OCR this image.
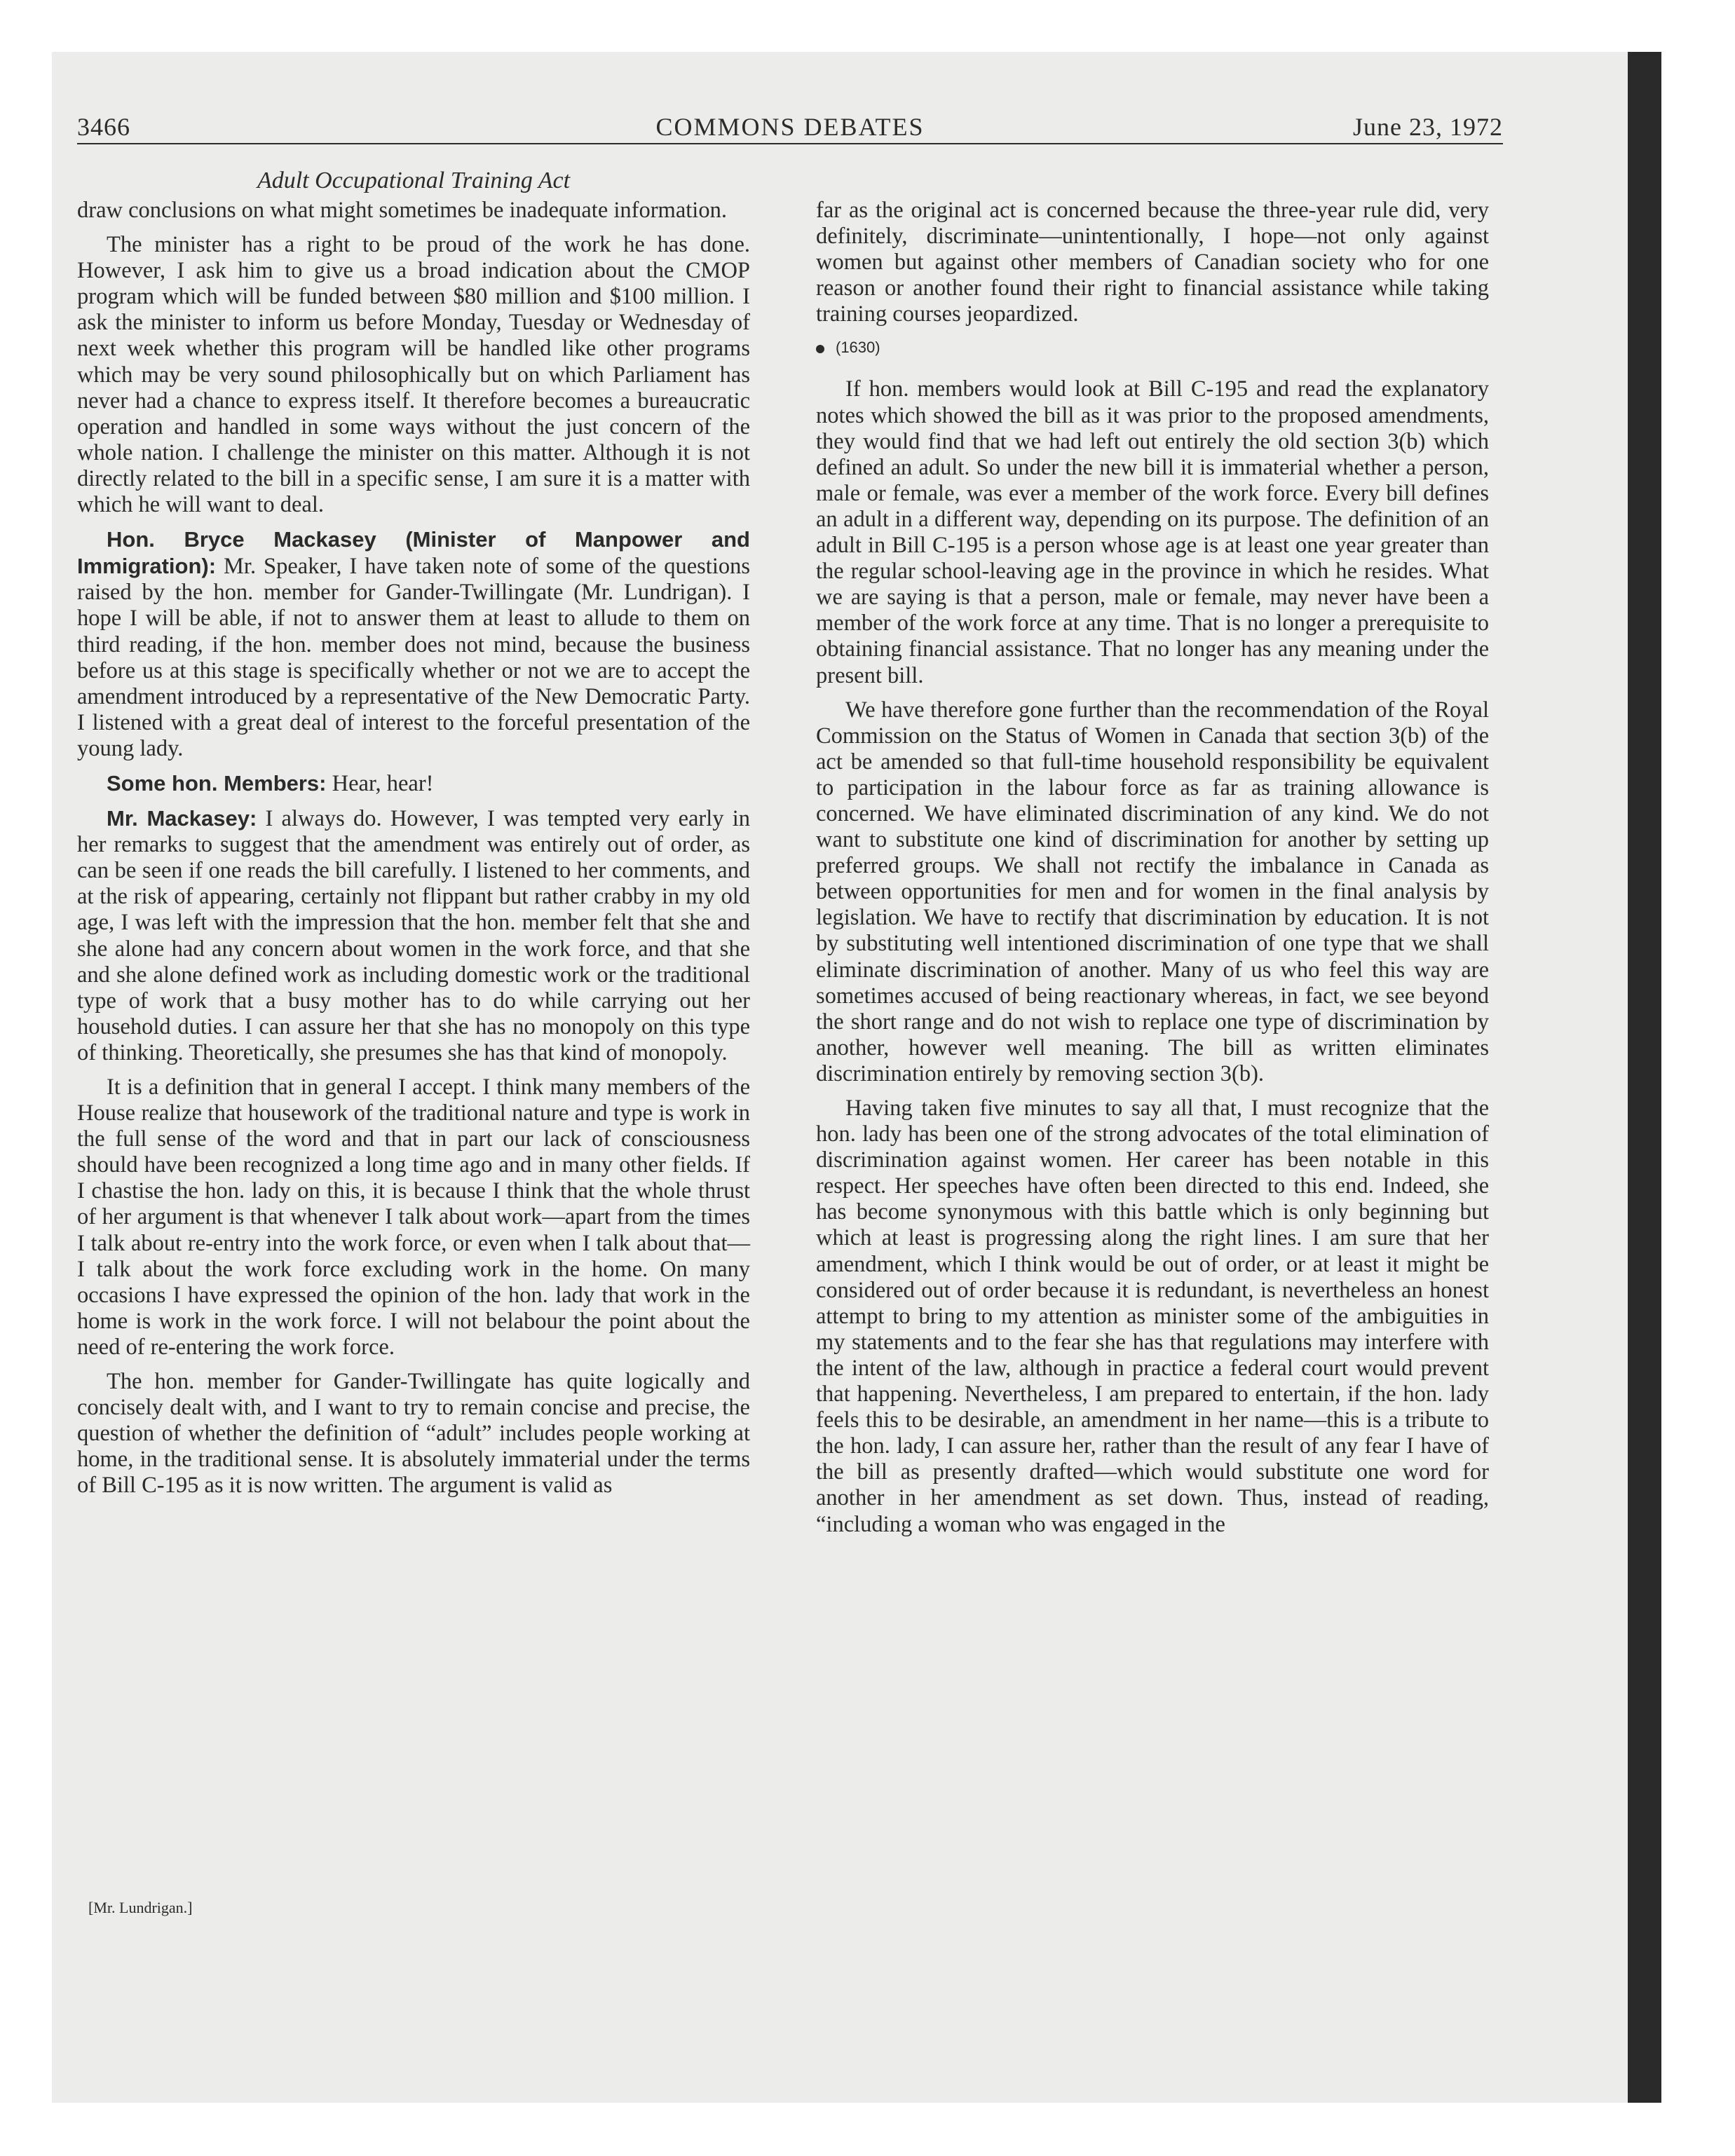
3466	COMMONS DEBATES	June 23, 1972
Adult Occupational Training Act

draw conclusions on what might sometimes be inadequate information.

The minister has a right to be proud of the work he has done. However, I ask him to give us a broad indication about the CMOP program which will be funded between $80 million and $100 million. I ask the minister to inform us before Monday, Tuesday or Wednesday of next week whether this program will be handled like other programs which may be very sound philosophically but on which Parliament has never had a chance to express itself. It therefore becomes a bureaucratic operation and handled in some ways without the just concern of the whole nation. I challenge the minister on this matter. Although it is not directly related to the bill in a specific sense, I am sure it is a matter with which he will want to deal.

Hon. Bryce Mackasey (Minister of Manpower and Immigration): Mr. Speaker, I have taken note of some of the questions raised by the hon. member for Gander-Twillingate (Mr. Lundrigan). I hope I will be able, if not to answer them at least to allude to them on third reading, if the hon. member does not mind, because the business before us at this stage is specifically whether or not we are to accept the amendment introduced by a representative of the New Democratic Party. I listened with a great deal of interest to the forceful presentation of the young lady.

Some hon. Members: Hear, hear!

Mr. Mackasey: I always do. However, I was tempted very early in her remarks to suggest that the amendment was entirely out of order, as can be seen if one reads the bill carefully. I listened to her comments, and at the risk of appearing, certainly not flippant but rather crabby in my old age, I was left with the impression that the hon. member felt that she and she alone had any concern about women in the work force, and that she and she alone defined work as including domestic work or the traditional type of work that a busy mother has to do while carrying out her household duties. I can assure her that she has no monopoly on this type of thinking. Theoretically, she presumes she has that kind of monopoly.

It is a definition that in general I accept. I think many members of the House realize that housework of the traditional nature and type is work in the full sense of the word and that in part our lack of consciousness should have been recognized a long time ago and in many other fields. If I chastise the hon. lady on this, it is because I think that the whole thrust of her argument is that whenever I talk about work—apart from the times I talk about re-entry into the work force, or even when I talk about that—I talk about the work force excluding work in the home. On many occasions I have expressed the opinion of the hon. lady that work in the home is work in the work force. I will not belabour the point about the need of re-entering the work force.

The hon. member for Gander-Twillingate has quite logically and concisely dealt with, and I want to try to remain concise and precise, the question of whether the definition of “adult” includes people working at home, in the traditional sense. It is absolutely immaterial under the terms of Bill C-195 as it is now written. The argument is valid as

[Mr. Lundrigan.]

far as the original act is concerned because the three-year rule did, very definitely, discriminate—unintentionally, I hope—not only against women but against other members of Canadian society who for one reason or another found their right to financial assistance while taking training courses jeopardized.

(1630)

If hon. members would look at Bill C-195 and read the explanatory notes which showed the bill as it was prior to the proposed amendments, they would find that we had left out entirely the old section 3(b) which defined an adult. So under the new bill it is immaterial whether a person, male or female, was ever a member of the work force. Every bill defines an adult in a different way, depending on its purpose. The definition of an adult in Bill C-195 is a person whose age is at least one year greater than the regular school-leaving age in the province in which he resides. What we are saying is that a person, male or female, may never have been a member of the work force at any time. That is no longer a prerequisite to obtaining financial assistance. That no longer has any meaning under the present bill.

We have therefore gone further than the recommendation of the Royal Commission on the Status of Women in Canada that section 3(b) of the act be amended so that full-time household responsibility be equivalent to participation in the labour force as far as training allowance is concerned. We have eliminated discrimination of any kind. We do not want to substitute one kind of discrimination for another by setting up preferred groups. We shall not rectify the imbalance in Canada as between opportunities for men and for women in the final analysis by legislation. We have to rectify that discrimination by education. It is not by substituting well intentioned discrimination of one type that we shall eliminate discrimination of another. Many of us who feel this way are sometimes accused of being reactionary whereas, in fact, we see beyond the short range and do not wish to replace one type of discrimination by another, however well meaning. The bill as written eliminates discrimination entirely by removing section 3(b).

Having taken five minutes to say all that, I must recognize that the hon. lady has been one of the strong advocates of the total elimination of discrimination against women. Her career has been notable in this respect. Her speeches have often been directed to this end. Indeed, she has become synonymous with this battle which is only beginning but which at least is progressing along the right lines. I am sure that her amendment, which I think would be out of order, or at least it might be considered out of order because it is redundant, is nevertheless an honest attempt to bring to my attention as minister some of the ambiguities in my statements and to the fear she has that regulations may interfere with the intent of the law, although in practice a federal court would prevent that happening. Nevertheless, I am prepared to entertain, if the hon. lady feels this to be desirable, an amendment in her name—this is a tribute to the hon. lady, I can assure her, rather than the result of any fear I have of the bill as presently drafted—which would substitute one word for another in her amendment as set down. Thus, instead of reading, “including a woman who was engaged in the
